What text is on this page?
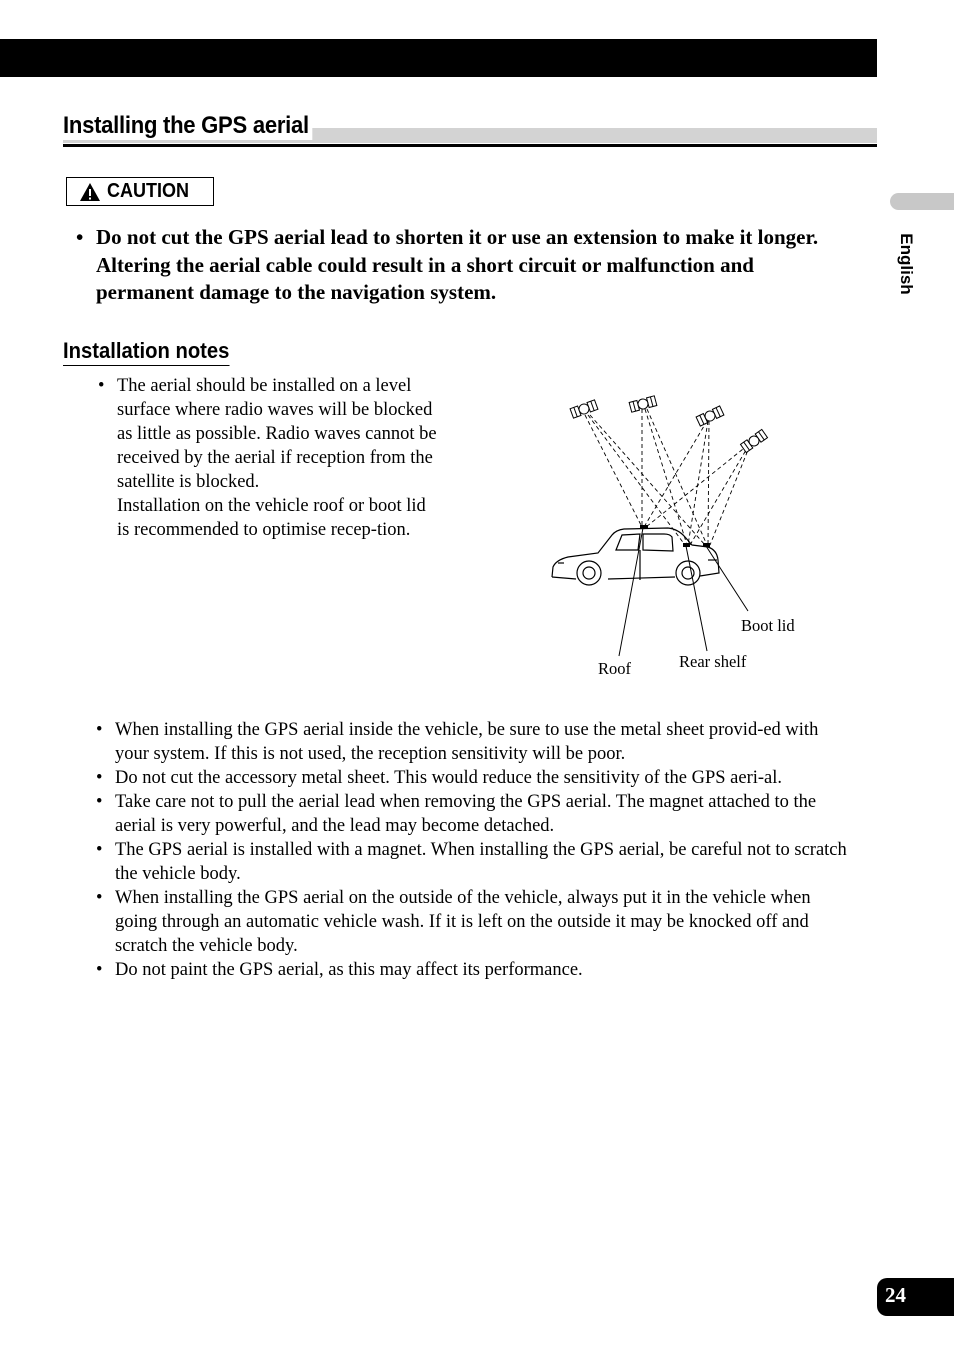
Installing the GPS aerial
CAUTION
• Do not cut the GPS aerial lead to shorten it or use an extension to make it longer. Altering the aerial cable could result in a short circuit or malfunction and permanent damage to the navigation system.	English
Installation notes
• The aerial should be installed on a level surface where radio waves will be blocked as little as possible. Radio waves cannot be received by the aerial if reception from the satellite is blocked.
Installation on the vehicle roof or boot lid is recommended to optimise recep-tion.
Boot lid
Rear shelf
Roof
• When installing the GPS aerial inside the vehicle, be sure to use the metal sheet provid-ed with your system. If this is not used, the reception sensitivity will be poor.
• Do not cut the accessory metal sheet. This would reduce the sensitivity of the GPS aeri-al.
• Take care not to pull the aerial lead when removing the GPS aerial. The magnet attached to the aerial is very powerful, and the lead may become detached.
• The GPS aerial is installed with a magnet. When installing the GPS aerial, be careful not to scratch the vehicle body.
• When installing the GPS aerial on the outside of the vehicle, always put it in the vehicle when going through an automatic vehicle wash. If it is left on the outside it may be knocked off and scratch the vehicle body.
• Do not paint the GPS aerial, as this may affect its performance.
24
